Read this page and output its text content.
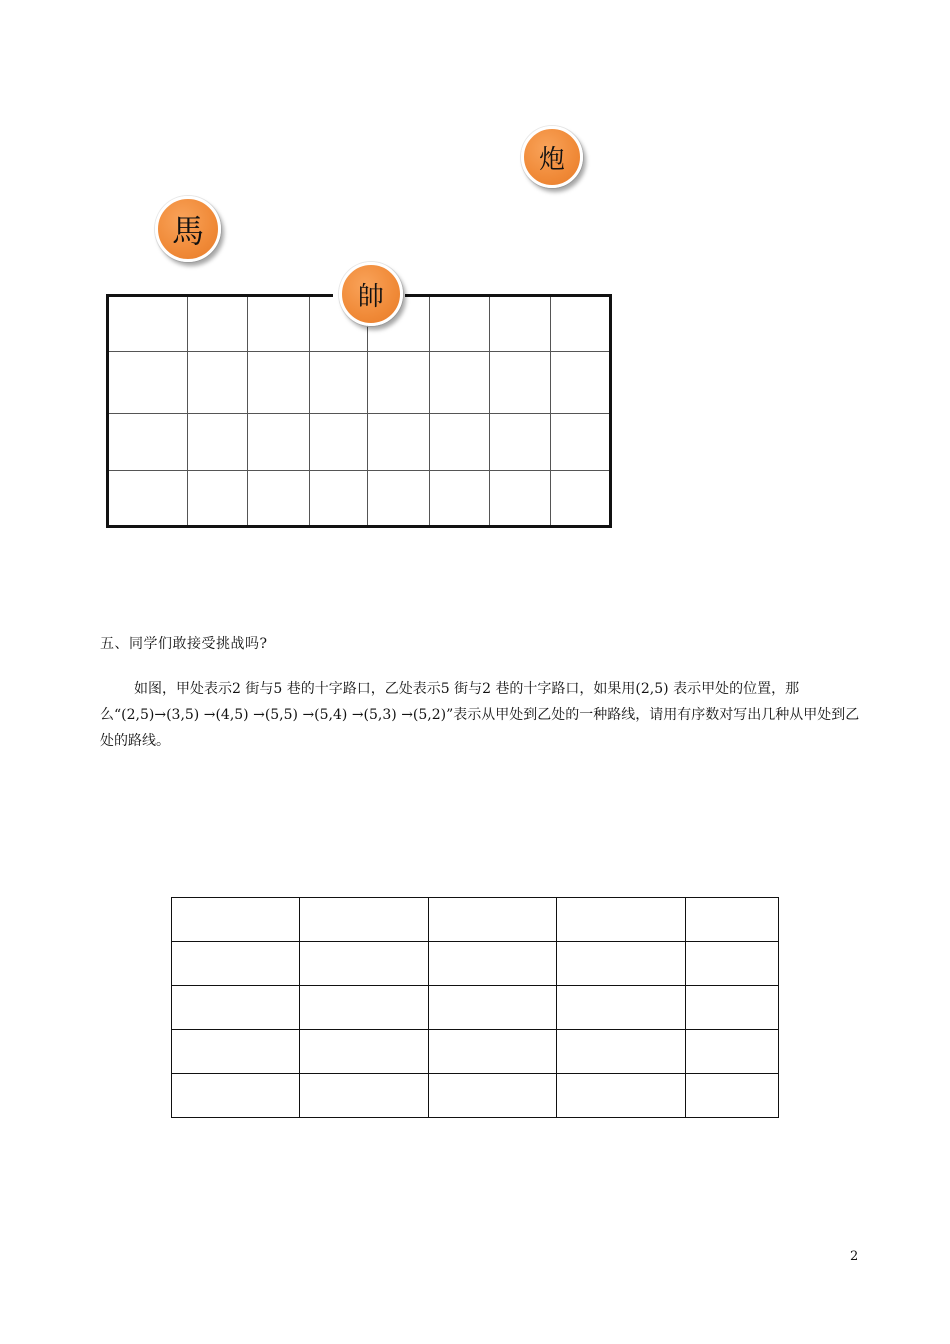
馬
炮
帥
五、同学们敢接受挑战吗?
如图，甲处表示2 街与5 巷的十字路口，乙处表示5 街与2 巷的十字路口，如果用(2,5) 表示甲处的位置，那么“(2,5)→(3,5) →(4,5) →(5,5) →(5,4) →(5,3) →(5,2)”表示从甲处到乙处的一种路线，请用有序数对写出几种从甲处到乙处的路线。

2
